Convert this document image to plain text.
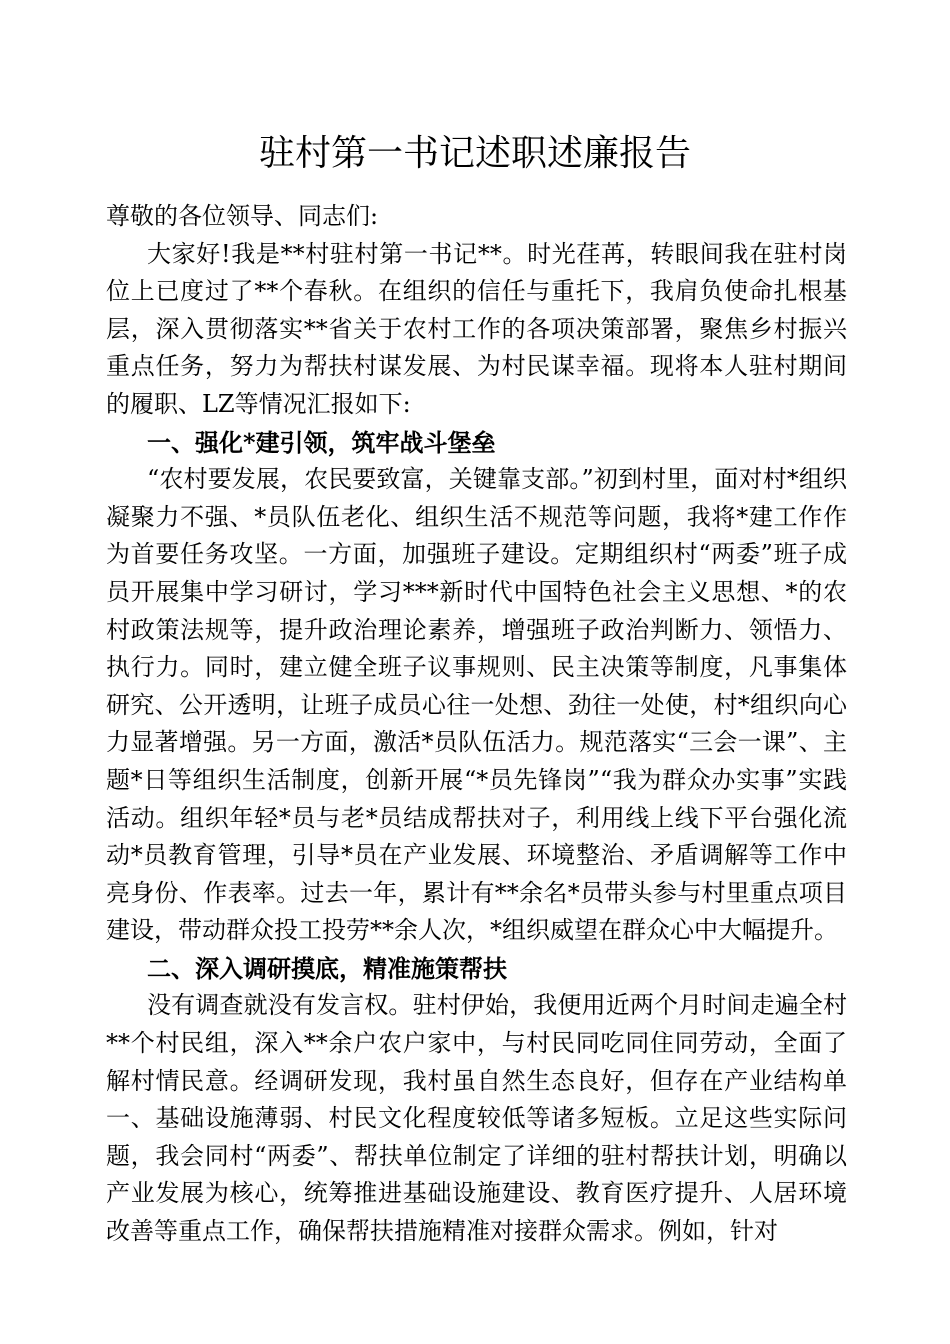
驻村第一书记述职述廉报告

尊敬的各位领导、同志们:

大家好!我是**村驻村第一书记**。时光荏苒，转眼间我在驻村岗位上已度过了**个春秋。在组织的信任与重托下，我肩负使命扎根基层，深入贯彻落实**省关于农村工作的各项决策部署，聚焦乡村振兴重点任务，努力为帮扶村谋发展、为村民谋幸福。现将本人驻村期间的履职、LZ等情况汇报如下:

一、强化*建引领，筑牢战斗堡垒

“农村要发展，农民要致富，关键靠支部。”初到村里，面对村*组织凝聚力不强、*员队伍老化、组织生活不规范等问题，我将*建工作作为首要任务攻坚。一方面，加强班子建设。定期组织村“两委”班子成员开展集中学习研讨，学习***新时代中国特色社会主义思想、*的农村政策法规等，提升政治理论素养，增强班子政治判断力、领悟力、执行力。同时，建立健全班子议事规则、民主决策等制度，凡事集体研究、公开透明，让班子成员心往一处想、劲往一处使，村*组织向心力显著增强。另一方面，激活*员队伍活力。规范落实“三会一课”、主题*日等组织生活制度，创新开展“*员先锋岗”“我为群众办实事”实践活动。组织年轻*员与老*员结成帮扶对子，利用线上线下平台强化流动*员教育管理，引导*员在产业发展、环境整治、矛盾调解等工作中亮身份、作表率。过去一年，累计有**余名*员带头参与村里重点项目建设，带动群众投工投劳**余人次，*组织威望在群众心中大幅提升。

二、深入调研摸底，精准施策帮扶

没有调查就没有发言权。驻村伊始，我便用近两个月时间走遍全村**个村民组，深入**余户农户家中，与村民同吃同住同劳动，全面了解村情民意。经调研发现，我村虽自然生态良好，但存在产业结构单一、基础设施薄弱、村民文化程度较低等诸多短板。立足这些实际问题，我会同村“两委”、帮扶单位制定了详细的驻村帮扶计划，明确以产业发展为核心，统筹推进基础设施建设、教育医疗提升、人居环境改善等重点工作，确保帮扶措施精准对接群众需求。例如，针对
